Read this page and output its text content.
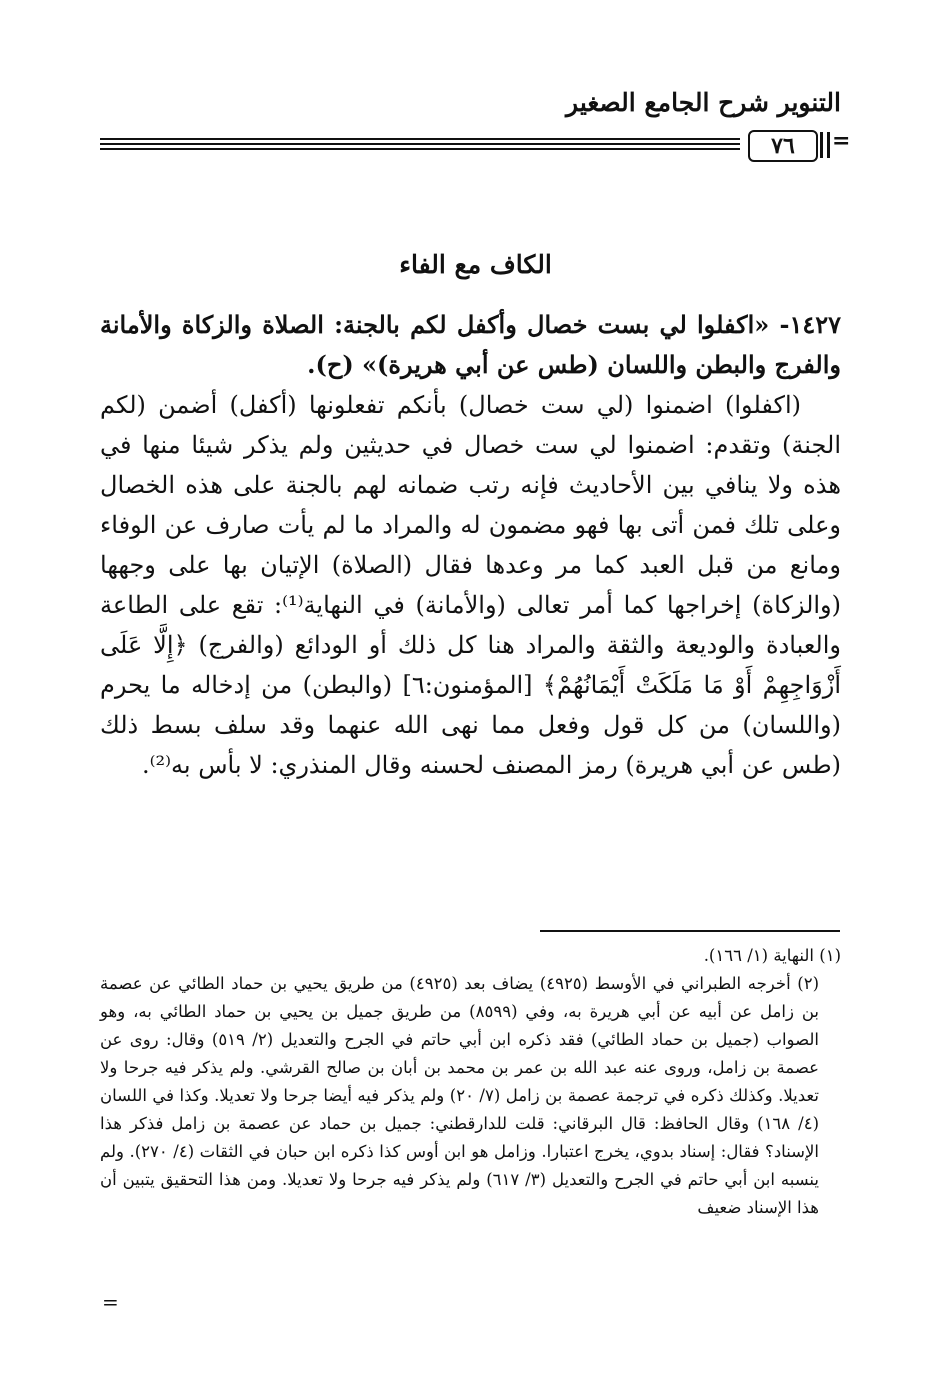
التنوير شرح الجامع الصغير
٧٦	=
الكاف مع الفاء

١٤٢٧- «اكفلوا لي بست خصال وأكفل لكم بالجنة: الصلاة والزكاة والأمانة والفرج والبطن واللسان (طس عن أبي هريرة)» (ح).

(اكفلوا) اضمنوا (لي ست خصال) بأنكم تفعلونها (أكفل) أضمن (لكم الجنة) وتقدم: اضمنوا لي ست خصال في حديثين ولم يذكر شيئا منها في هذه ولا ينافي بين الأحاديث فإنه رتب ضمانه لهم بالجنة على هذه الخصال وعلى تلك فمن أتى بها فهو مضمون له والمراد ما لم يأت صارف عن الوفاء ومانع من قبل العبد كما مر وعدها فقال (الصلاة) الإتيان بها على وجهها (والزكاة) إخراجها كما أمر تعالى (والأمانة) في النهاية⁽¹⁾: تقع على الطاعة والعبادة والوديعة والثقة والمراد هنا كل ذلك أو الودائع (والفرج) ﴿إِلَّا عَلَى أَزْوَاجِهِمْ أَوْ مَا مَلَكَتْ أَيْمَانُهُمْ﴾ [المؤمنون:٦] (والبطن) من إدخاله ما يحرم (واللسان) من كل قول وفعل مما نهى الله عنهما وقد سلف بسط ذلك (طس عن أبي هريرة) رمز المصنف لحسنه وقال المنذري: لا بأس به⁽²⁾.

(١) النهاية (١/ ١٦٦).

(٢) أخرجه الطبراني في الأوسط (٤٩٢٥) يضاف بعد (٤٩٢٥) من طريق يحيي بن حماد الطائي عن عصمة بن زامل عن أبيه عن أبي هريرة به، وفي (٨٥٩٩) من طريق جميل بن يحيي بن حماد الطائي به، وهو الصواب (جميل بن حماد الطائي) فقد ذكره ابن أبي حاتم في الجرح والتعديل (٢/ ٥١٩) وقال: روى عن عصمة بن زامل، وروى عنه عبد الله بن عمر بن محمد بن أبان بن صالح القرشي. ولم يذكر فيه جرحا ولا تعديلا. وكذلك ذكره في ترجمة عصمة بن زامل (٧/ ٢٠) ولم يذكر فيه أيضا جرحا ولا تعديلا. وكذا في اللسان (٤/ ١٦٨) وقال الحافظ: قال البرقاني: قلت للدارقطني: جميل بن حماد عن عصمة بن زامل فذكر هذا الإسناد؟ فقال: إسناد بدوي، يخرج اعتبارا. وزامل هو ابن أوس كذا ذكره ابن حبان في الثقات (٤/ ٢٧٠). ولم ينسبه ابن أبي حاتم في الجرح والتعديل (٣/ ٦١٧) ولم يذكر فيه جرحا ولا تعديلا. ومن هذا التحقيق يتبين أن هذا الإسناد ضعيف

=
